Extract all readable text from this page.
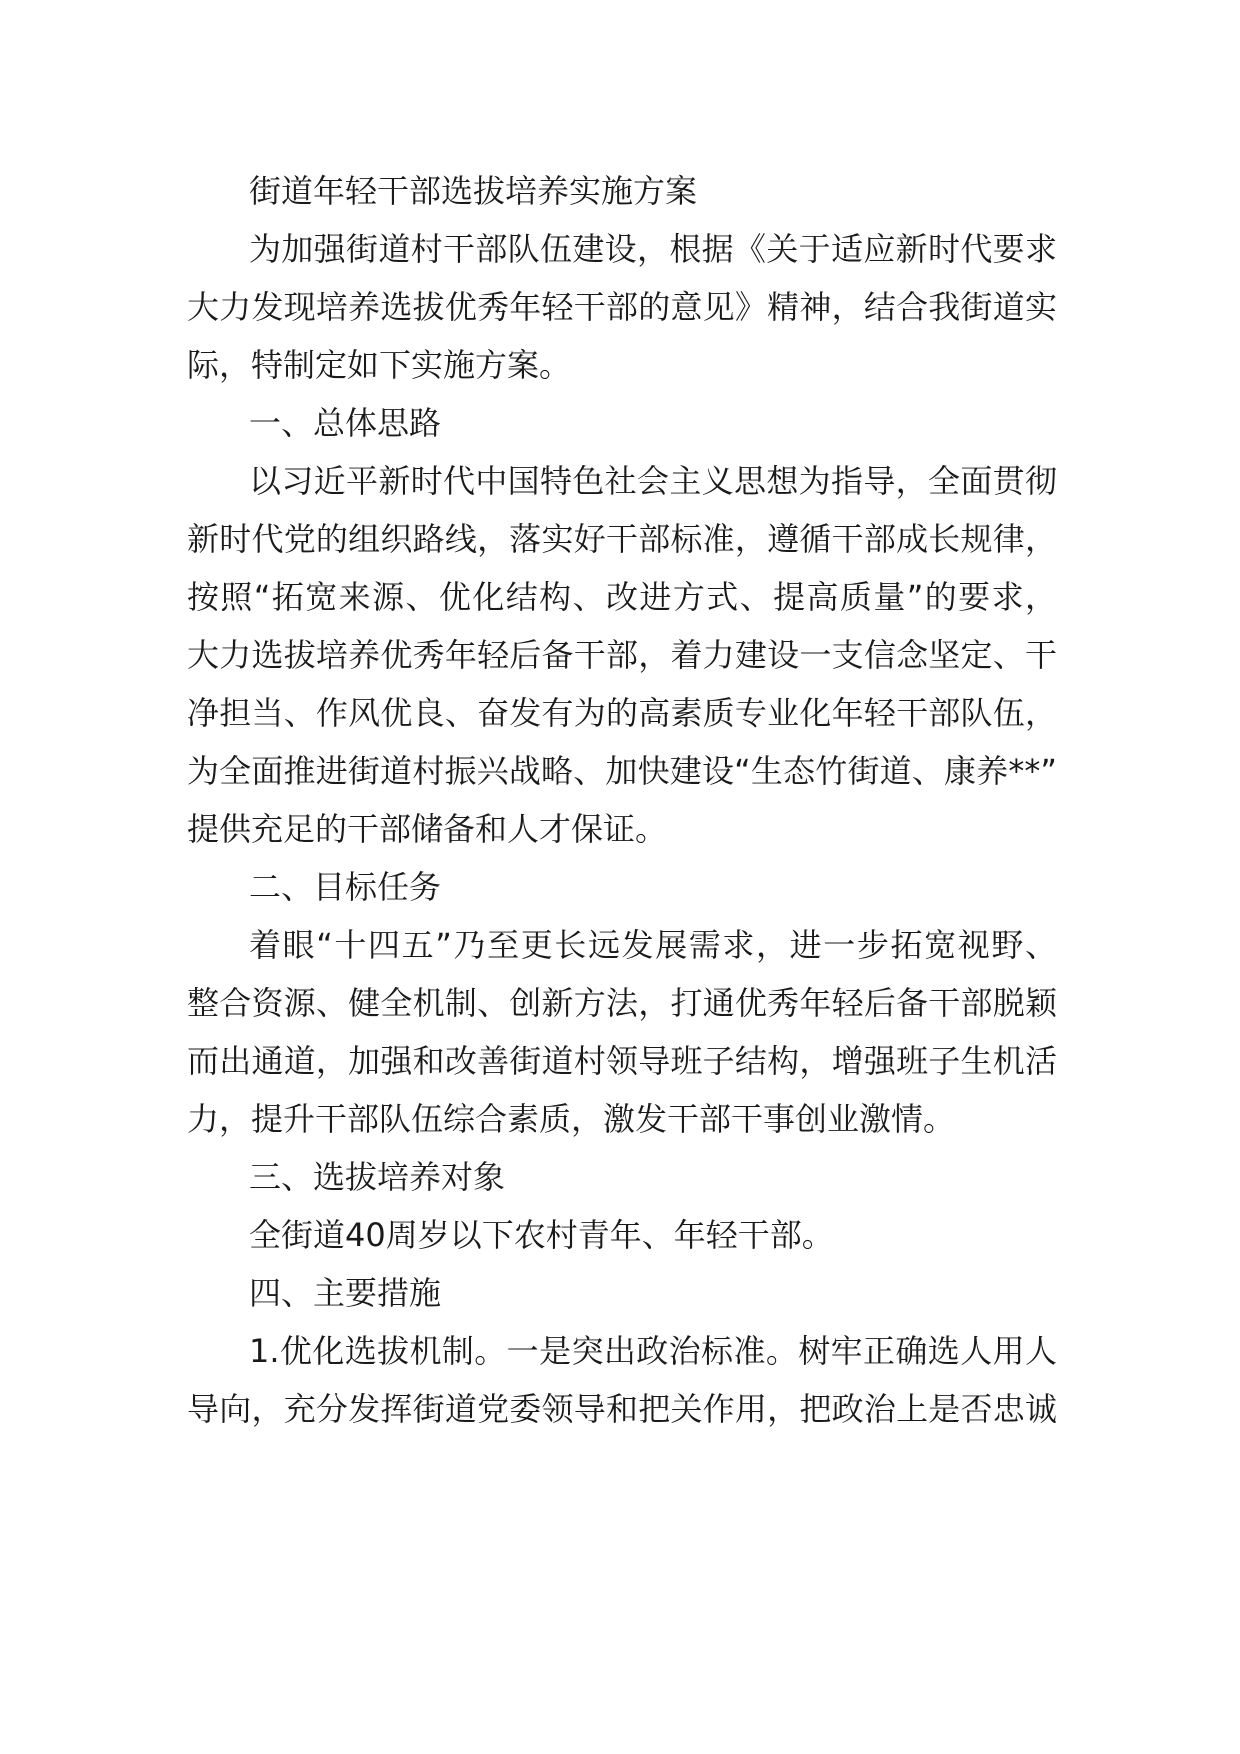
街道年轻干部选拔培养实施方案
为加强街道村干部队伍建设，根据《关于适应新时代要求
大力发现培养选拔优秀年轻干部的意见》精神，结合我街道实
际，特制定如下实施方案。
一、总体思路
以习近平新时代中国特色社会主义思想为指导，全面贯彻
新时代党的组织路线，落实好干部标准，遵循干部成长规律，
按照“拓宽来源、优化结构、改进方式、提高质量”的要求，
大力选拔培养优秀年轻后备干部，着力建设一支信念坚定、干
净担当、作风优良、奋发有为的高素质专业化年轻干部队伍，
为全面推进街道村振兴战略、加快建设“生态竹街道、康养**”
提供充足的干部储备和人才保证。
二、目标任务
着眼“十四五”乃至更长远发展需求，进一步拓宽视野、
整合资源、健全机制、创新方法，打通优秀年轻后备干部脱颖
而出通道，加强和改善街道村领导班子结构，增强班子生机活
力，提升干部队伍综合素质，激发干部干事创业激情。
三、选拔培养对象
全街道40周岁以下农村青年、年轻干部。
四、主要措施
1.优化选拔机制。一是突出政治标准。树牢正确选人用人
导向，充分发挥街道党委领导和把关作用，把政治上是否忠诚
